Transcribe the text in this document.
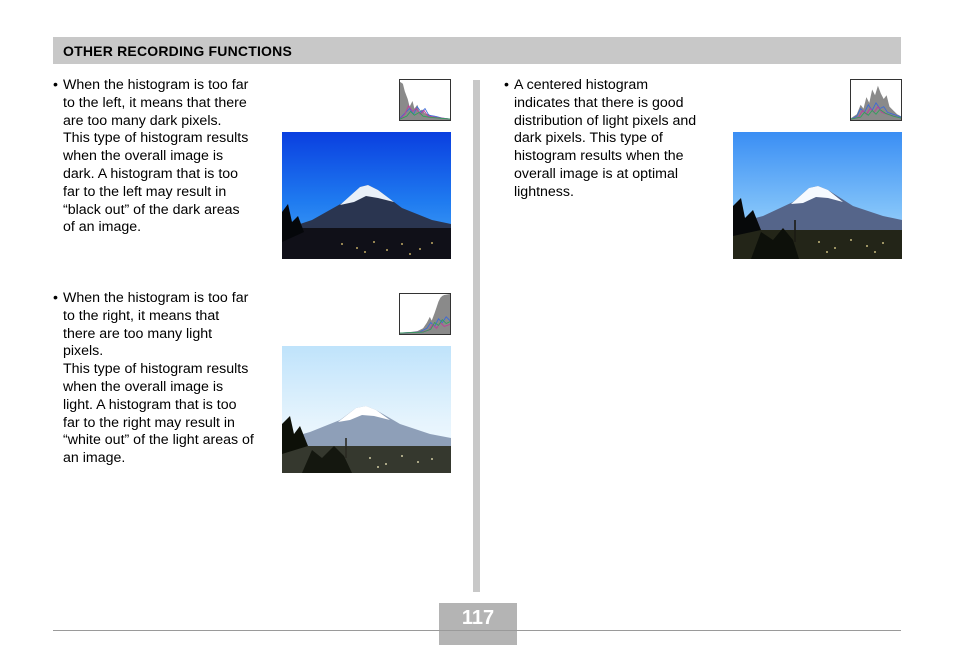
OTHER RECORDING FUNCTIONS
• When the histogram is too far
to the left, it means that there
are too many dark pixels.
This type of histogram results
when the overall image is
dark. A histogram that is too
far to the left may result in
“black out” of the dark areas
of an image.
• When the histogram is too far
to the right, it means that
there are too many light
pixels.
This type of histogram results
when the overall image is
light. A histogram that is too
far to the right may result in
“white out” of the light areas of
an image.
• A centered histogram
indicates that there is good
distribution of light pixels and
dark pixels. This type of
histogram results when the
overall image is at optimal
lightness.
117
